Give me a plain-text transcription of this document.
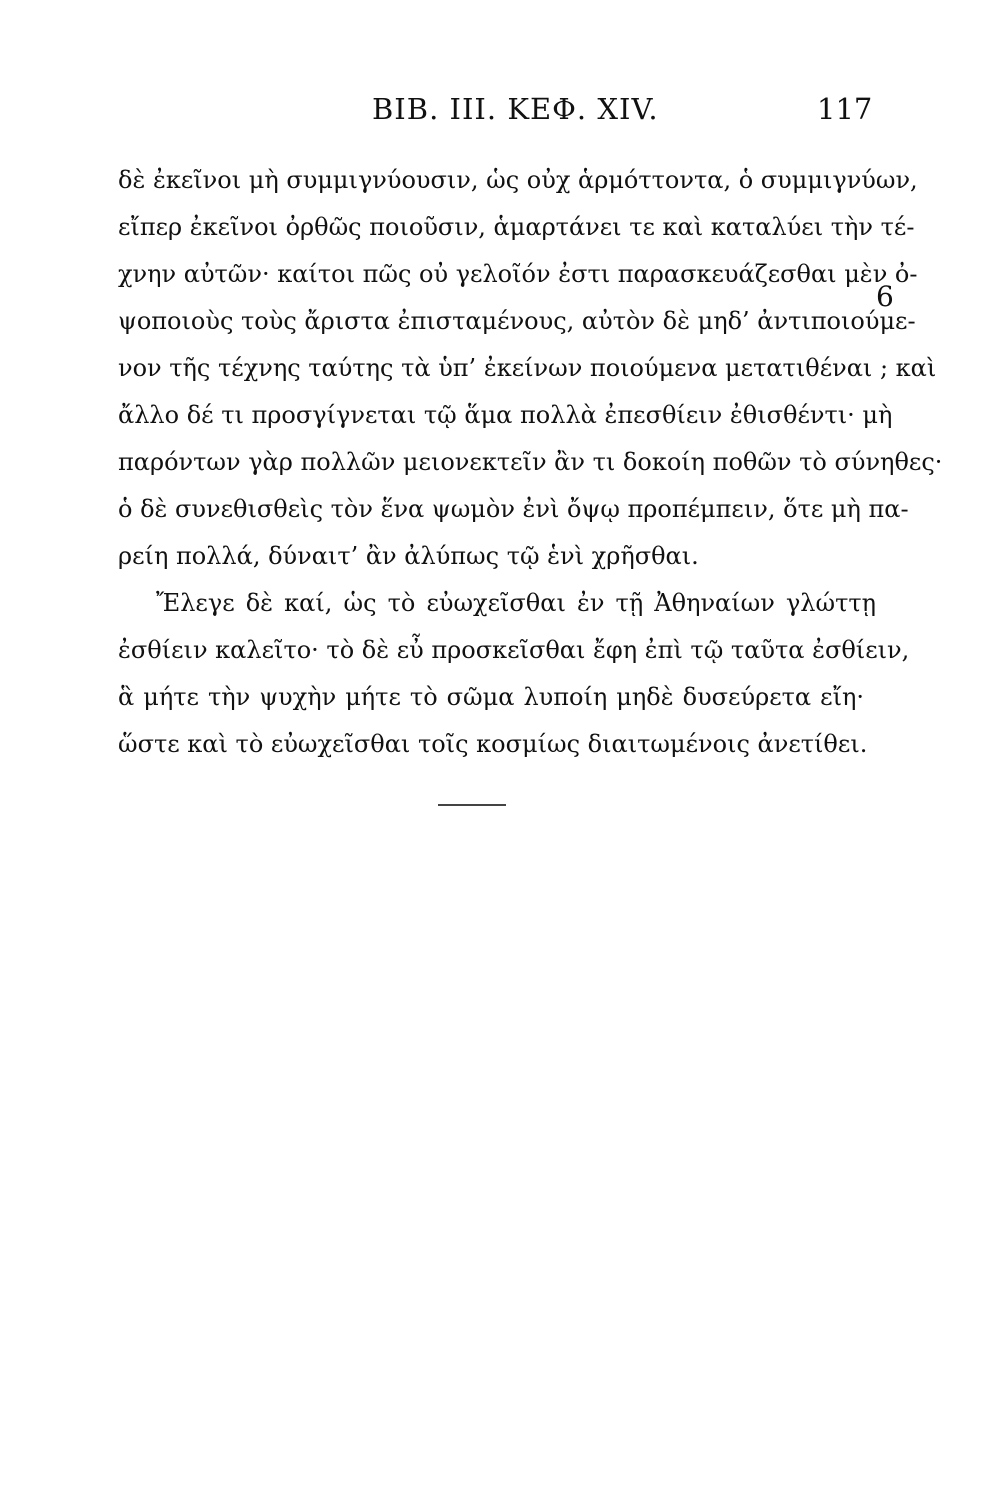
BIB. III. ΚΕΦ. XIV.	117
δὲ ἐκεῖνοι μὴ συμμιγνύουσιν, ὡς οὐχ ἁρμόττοντα, ὁ συμμιγνύων,
εἴπερ ἐκεῖνοι ὀρθῶς ποιοῦσιν, ἁμαρτάνει τε καὶ καταλύει τὴν τέ-
χνην αὐτῶν· καίτοι πῶς οὐ γελοῖόν ἐστι παρασκευάζεσθαι μὲν ὀ-
ψοποιοὺς τοὺς ἄριστα ἐπισταμένους, αὐτὸν δὲ μηδ’ ἀντιποιούμε-
νον τῆς τέχνης ταύτης τὰ ὑπ’ ἐκείνων ποιούμενα μετατιθέναι ; καὶ
ἄλλο δέ τι προσγίγνεται τῷ ἅμα πολλὰ ἐπεσθίειν ἐθισθέντι· μὴ
παρόντων γὰρ πολλῶν μειονεκτεῖν ἂν τι δοκοίη ποθῶν τὸ σύνηθες·
ὁ δὲ συνεθισθεὶς τὸν ἕνα ψωμὸν ἐνὶ ὄψῳ προπέμπειν, ὅτε μὴ πα-
ρείη πολλά, δύναιτ’ ἂν ἀλύπως τῷ ἑνὶ χρῆσθαι.
Ἔλεγε δὲ καί, ὡς τὸ εὐωχεῖσθαι ἐν τῇ Ἀθηναίων γλώττῃ
ἐσθίειν καλεῖτο· τὸ δὲ εὖ προσκεῖσθαι ἔφη ἐπὶ τῷ ταῦτα ἐσθίειν,
ἃ μήτε τὴν ψυχὴν μήτε τὸ σῶμα λυποίη μηδὲ δυσεύρετα εἴη·
ὥστε καὶ τὸ εὐωχεῖσθαι τοῖς κοσμίως διαιτωμένοις ἀνετίθει.
6
